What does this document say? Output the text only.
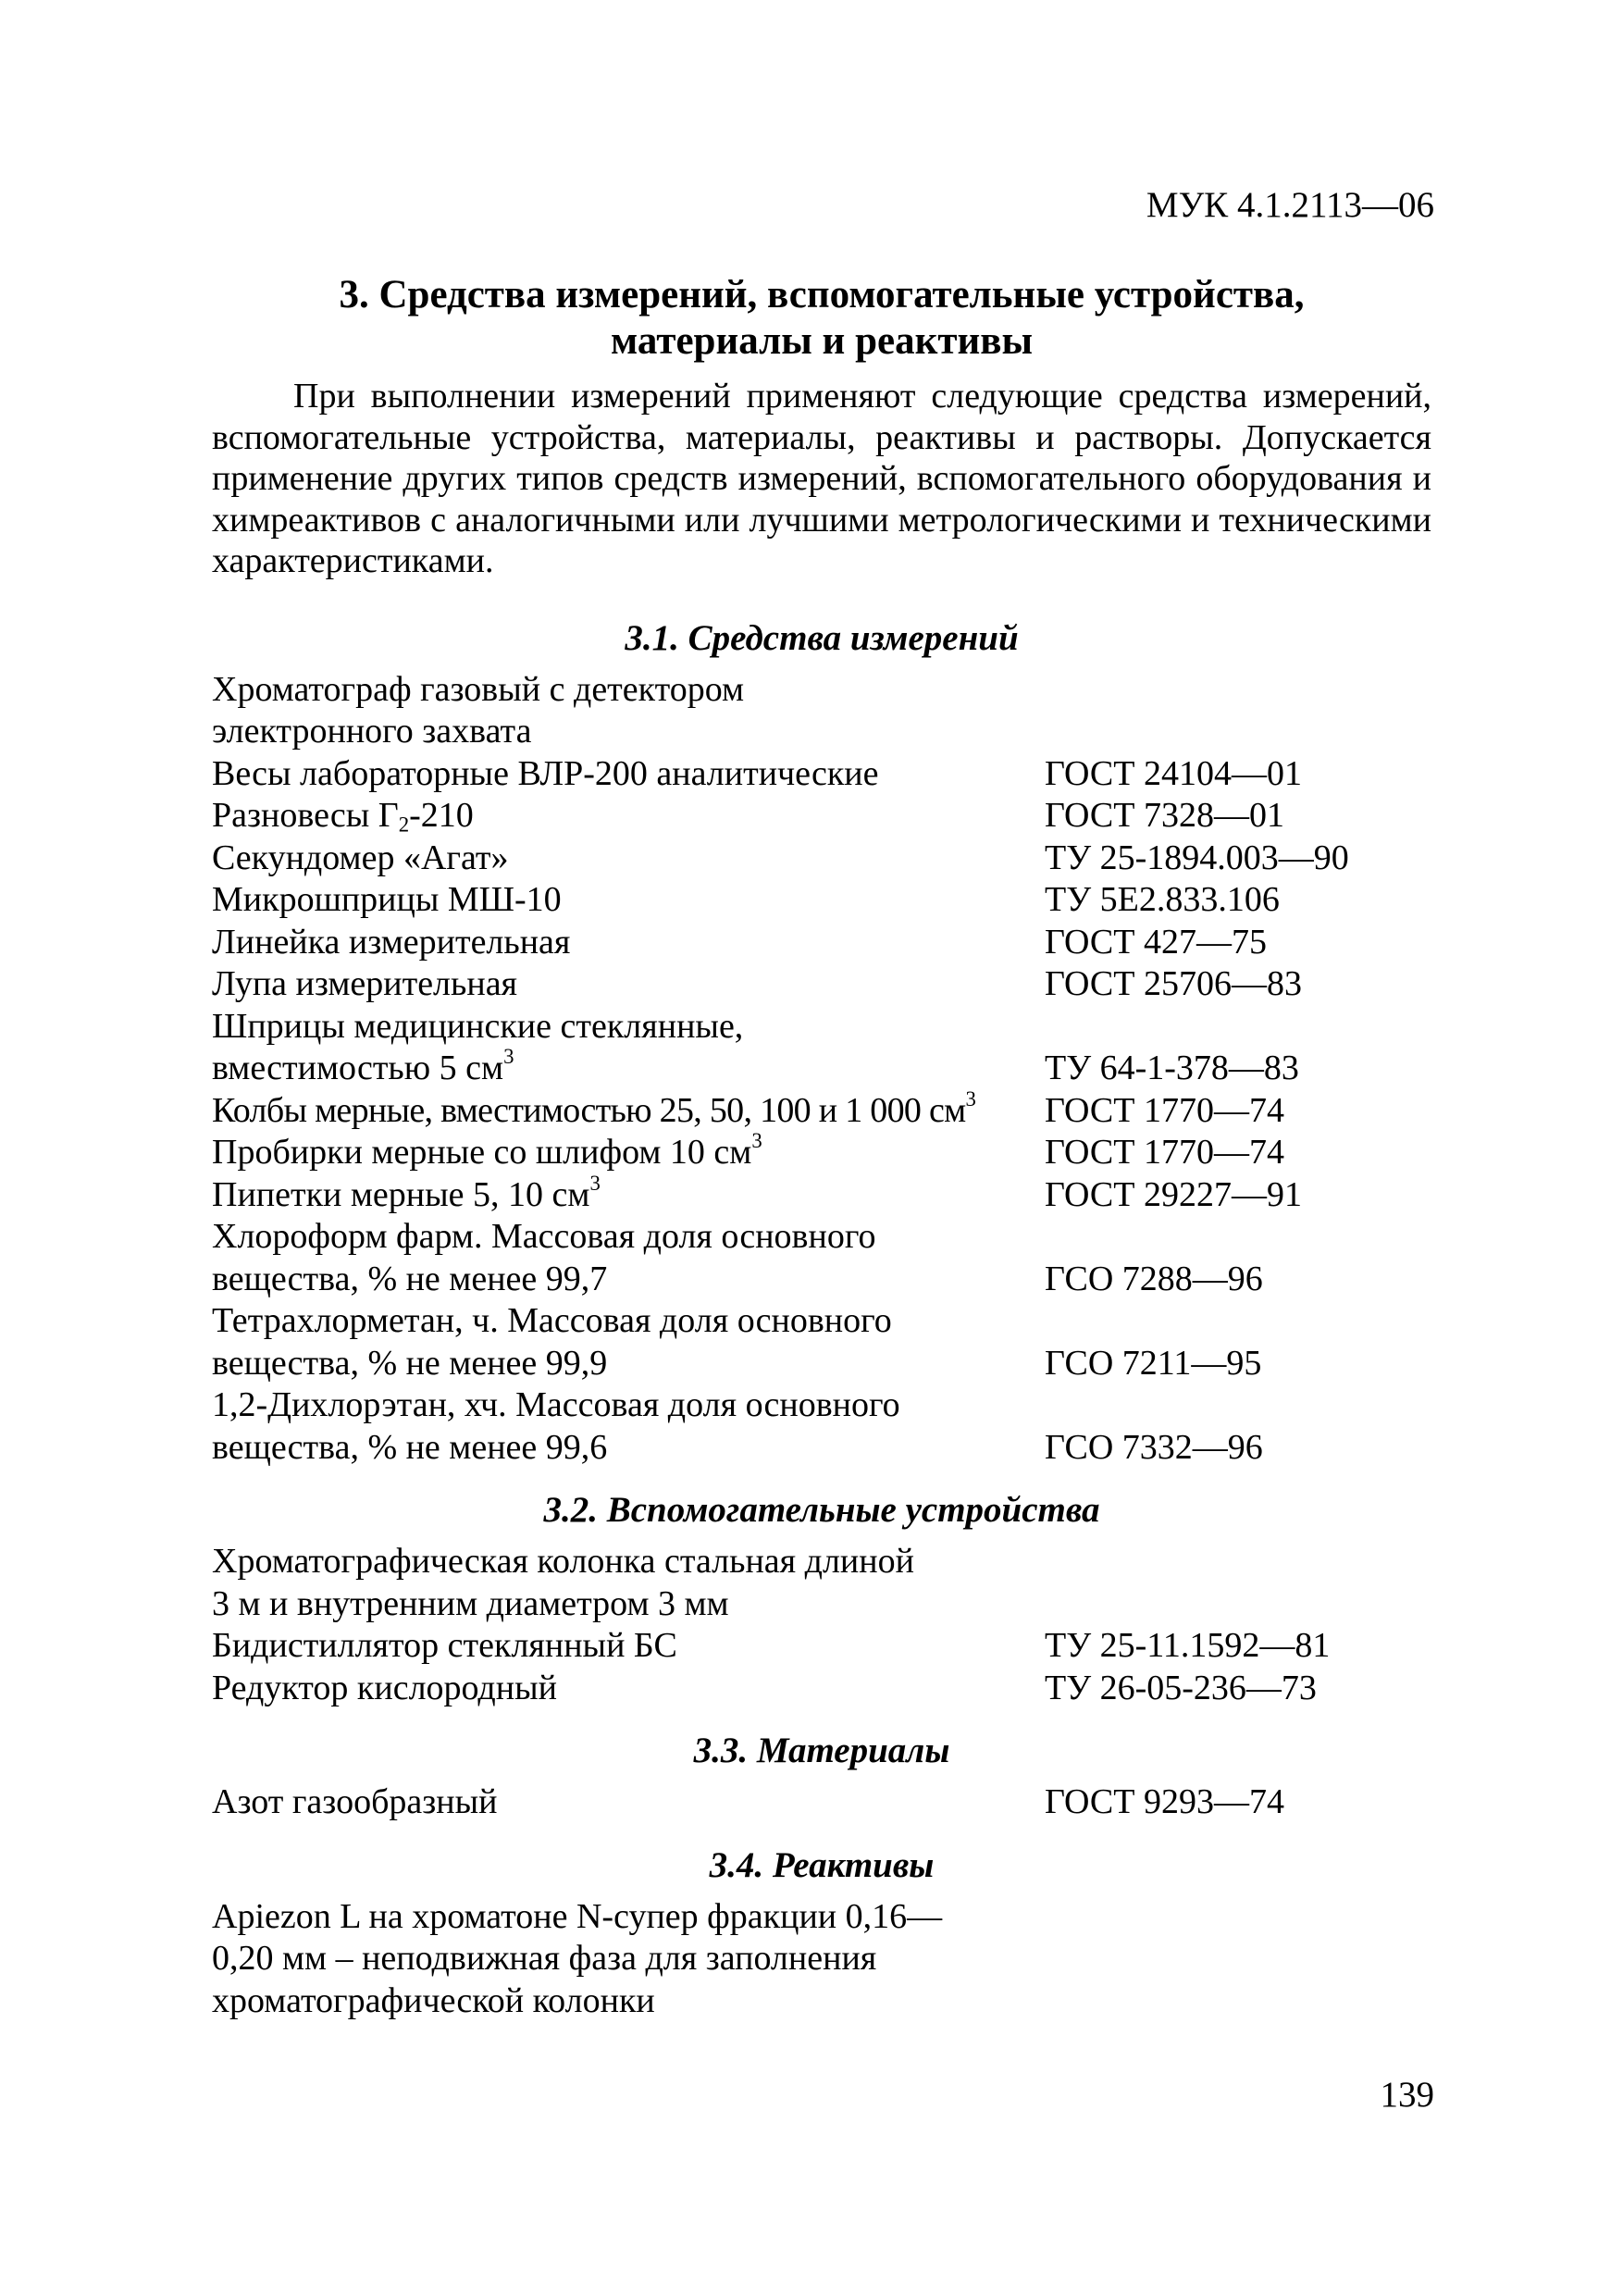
МУК 4.1.2113—06
3. Средства измерений, вспомогательные устройства,
материалы и реактивы

При выполнении измерений применяют следующие средства измерений, вспомогательные устройства, материалы, реактивы и растворы. Допускается применение других типов средств измерений, вспомогательного оборудования и химреактивов с аналогичными или лучшими метрологическими и техническими характеристиками.

3.1. Средства измерений
Хроматограф газовый с детектором
электронного захвата
Весы лабораторные ВЛР-200 аналитические	ГОСТ 24104—01
Разновесы $Г_2-210$	ГОСТ 7328—01
Секундомер «Агат»	ТУ 25-1894.003—90
Микрошприцы МШ-10	ТУ 5Е2.833.106
Линейка измерительная	ГОСТ 427—75
Лупа измерительная	ГОСТ 25706—83
Шприцы медицинские стеклянные,
вместимостью 5 $см^3$	ТУ 64-1-378—83
Колбы мерные, вместимостью 25, 50, 100 и 1 000 $см^3$	ГОСТ 1770—74
Пробирки мерные со шлифом 10 $см^3$	ГОСТ 1770—74
Пипетки мерные 5, 10 $см^3$	ГОСТ 29227—91
Хлороформ фарм. Массовая доля основного
вещества, % не менее 99,7	ГСО 7288—96
Тетрахлорметан, ч. Массовая доля основного
вещества, % не менее 99,9	ГСО 7211—95
1,2-Дихлорэтан, хч. Массовая доля основного
вещества, % не менее 99,6	ГСО 7332—96
3.2. Вспомогательные устройства
Хроматографическая колонка стальная длиной
3 м и внутренним диаметром 3 мм
Бидистиллятор стеклянный БС	ТУ 25-11.1592—81
Редуктор кислородный	ТУ 26-05-236—73
3.3. Материалы
Азот газообразный	ГОСТ 9293—74
3.4. Реактивы
Apiezon L на хроматоне N-супер фракции 0,16—
0,20 мм – неподвижная фаза для заполнения
хроматографической колонки
139
